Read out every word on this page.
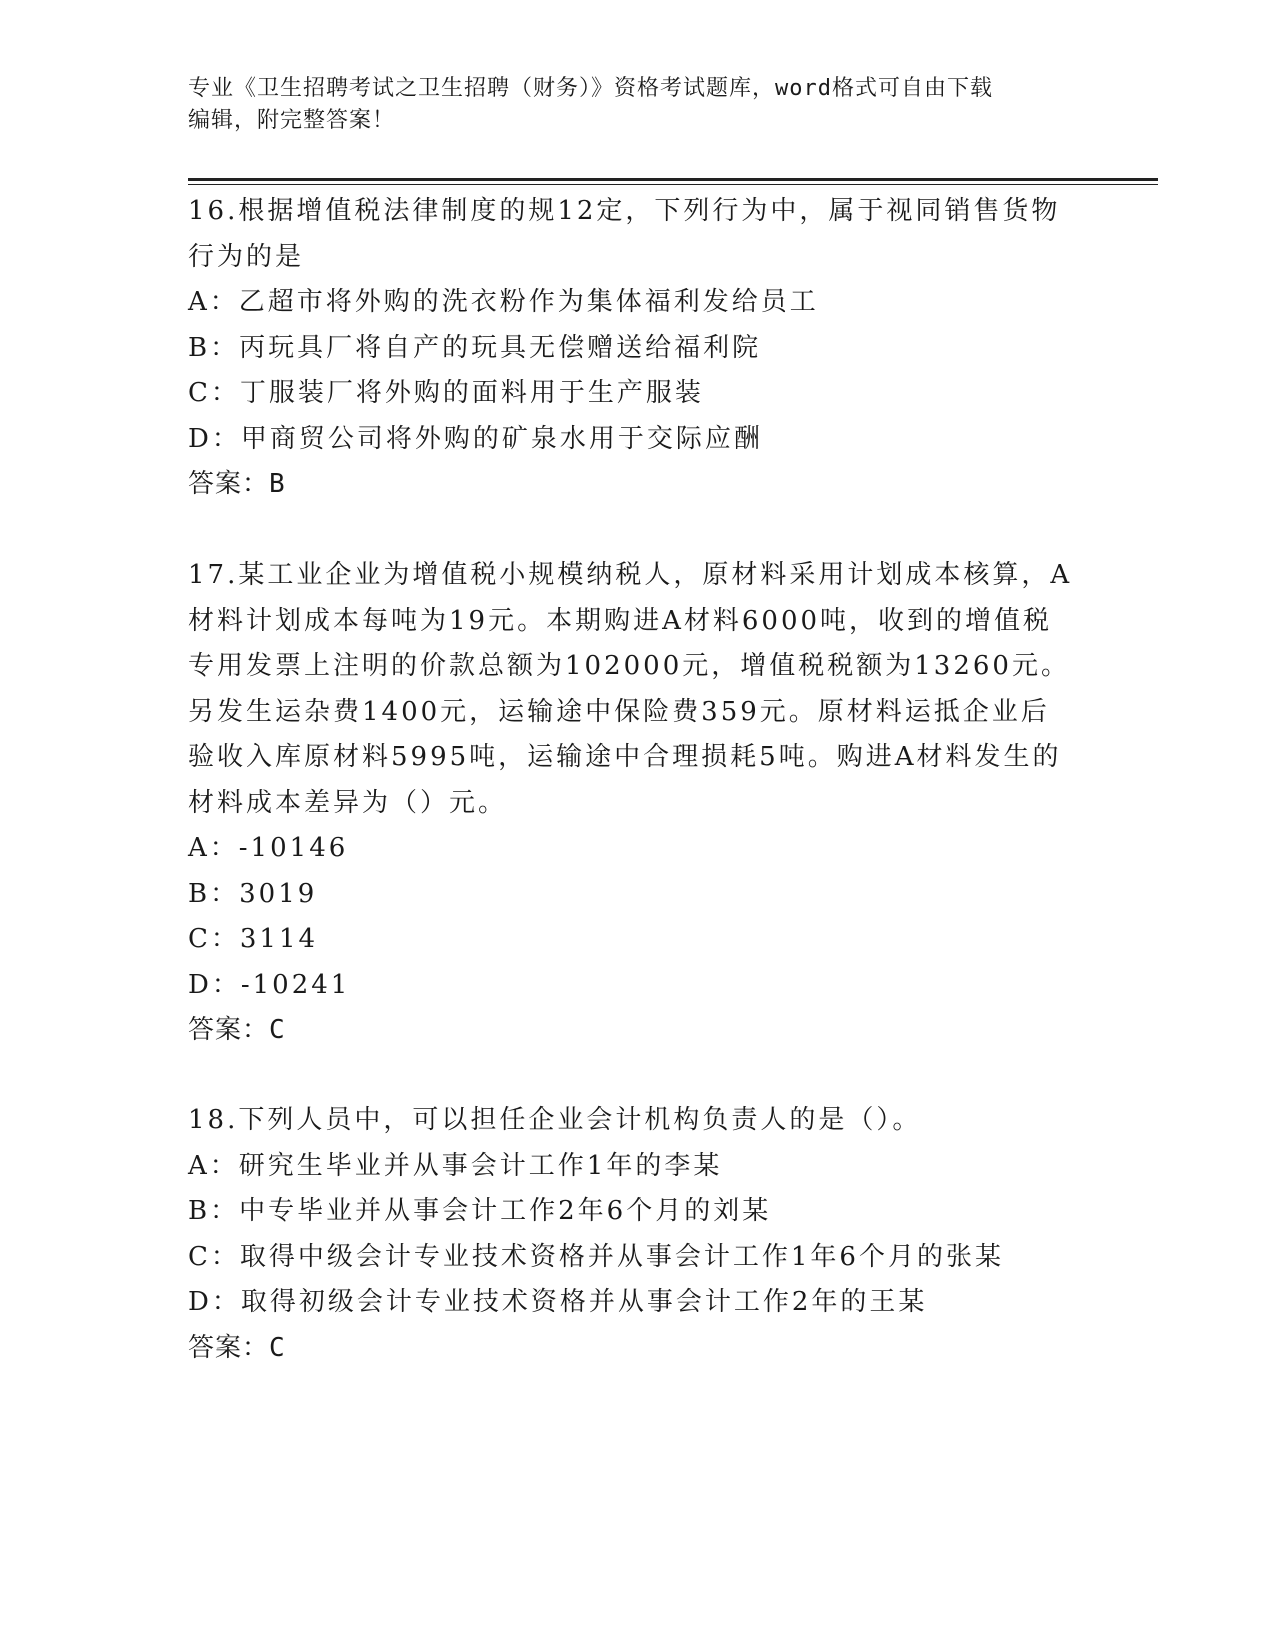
专业《卫生招聘考试之卫生招聘（财务）》资格考试题库，word格式可自由下载
编辑，附完整答案！

16.根据增值税法律制度的规12定，下列行为中，属于视同销售货物行为的是

A：乙超市将外购的洗衣粉作为集体福利发给员工

B：丙玩具厂将自产的玩具无偿赠送给福利院

C：丁服装厂将外购的面料用于生产服装

D：甲商贸公司将外购的矿泉水用于交际应酬

答案：B

17.某工业企业为增值税小规模纳税人，原材料采用计划成本核算，A材料计划成本每吨为19元。本期购进A材料6000吨，收到的增值税专用发票上注明的价款总额为102000元，增值税税额为13260元。另发生运杂费1400元，运输途中保险费359元。原材料运抵企业后验收入库原材料5995吨，运输途中合理损耗5吨。购进A材料发生的材料成本差异为（）元。

A：-10146

B：3019

C：3114

D：-10241

答案：C

18.下列人员中，可以担任企业会计机构负责人的是（）。

A：研究生毕业并从事会计工作1年的李某

B：中专毕业并从事会计工作2年6个月的刘某

C：取得中级会计专业技术资格并从事会计工作1年6个月的张某

D：取得初级会计专业技术资格并从事会计工作2年的王某

答案：C
